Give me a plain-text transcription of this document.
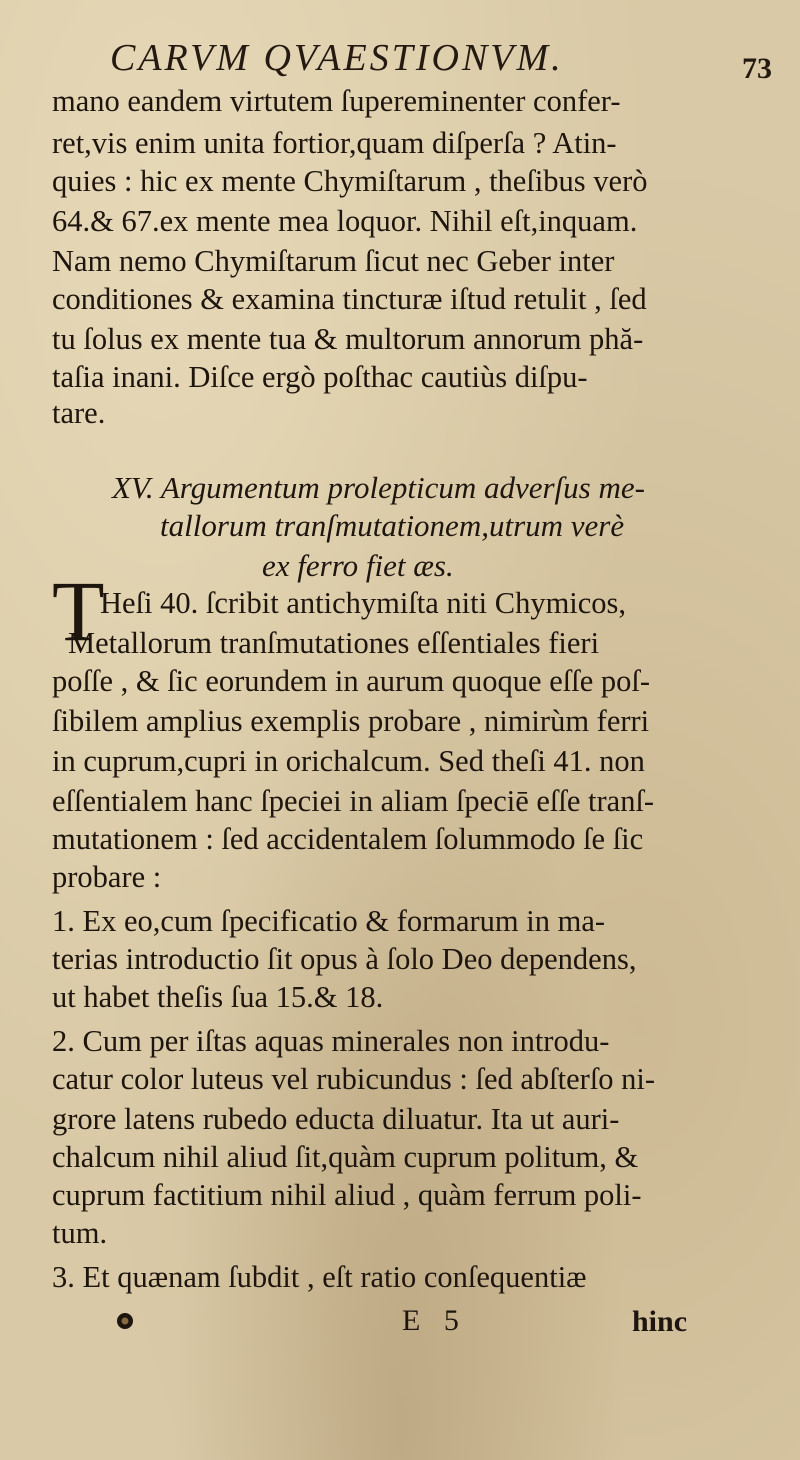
CARVM QVAESTIONVM.	73
mano eandem virtutem ſupereminenter confer-
ret,vis enim unita fortior,quam diſperſa ? Atin-
quies : hic ex mente Chymiſtarum , theſibus verò
64.& 67.ex mente mea loquor. Nihil eſt,inquam.
Nam nemo Chymiſtarum ſicut nec Geber inter
conditiones & examina tincturæ iſtud retulit , ſed
tu ſolus ex mente tua & multorum annorum phă-
taſia inani. Diſce ergò poſthac cautiùs diſpu-
tare.
XV. Argumentum prolepticum adverſus me-
tallorum tranſmutationem,utrum verè
ex ferro fiet æs.
T
Heſi 40. ſcribit antichymiſta niti Chymicos,
Metallorum tranſmutationes eſſentiales fieri
poſſe , & ſic eorundem in aurum quoque eſſe poſ-
ſibilem amplius exemplis probare , nimirùm ferri
in cuprum,cupri in orichalcum. Sed theſi 41. non
eſſentialem hanc ſpeciei in aliam ſpeciē eſſe tranſ-
mutationem : ſed accidentalem ſolummodo ſe ſic
probare :
1. Ex eo,cum ſpecificatio & formarum in ma-
terias introductio ſit opus à ſolo Deo dependens,
ut habet theſis ſua 15.& 18.
2. Cum per iſtas aquas minerales non introdu-
catur color luteus vel rubicundus : ſed abſterſo ni-
grore latens rubedo educta diluatur. Ita ut auri-
chalcum nihil aliud ſit,quàm cuprum politum, &
cuprum factitium nihil aliud , quàm ferrum poli-
tum.
3. Et quænam ſubdit , eſt ratio conſequentiæ
E 5	hinc
